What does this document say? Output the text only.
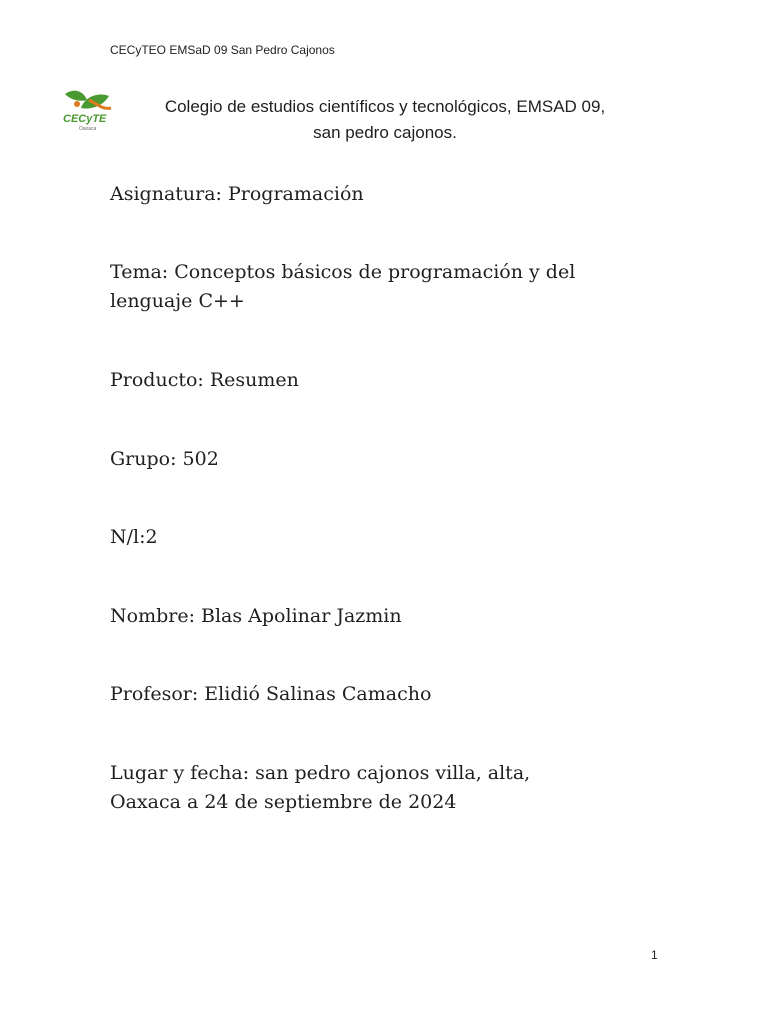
CECyTEO EMSaD 09 San Pedro Cajonos
CECyTE
Oaxaca
Colegio de estudios científicos y tecnológicos, EMSAD 09,
san pedro cajonos.
Asignatura: Programación
Tema: Conceptos básicos de programación y del
lenguaje C++
Producto: Resumen
Grupo: 502
N/l:2
Nombre: Blas Apolinar Jazmin
Profesor: Elidió Salinas Camacho
Lugar y fecha: san pedro cajonos villa, alta,
Oaxaca a 24 de septiembre de 2024
1
